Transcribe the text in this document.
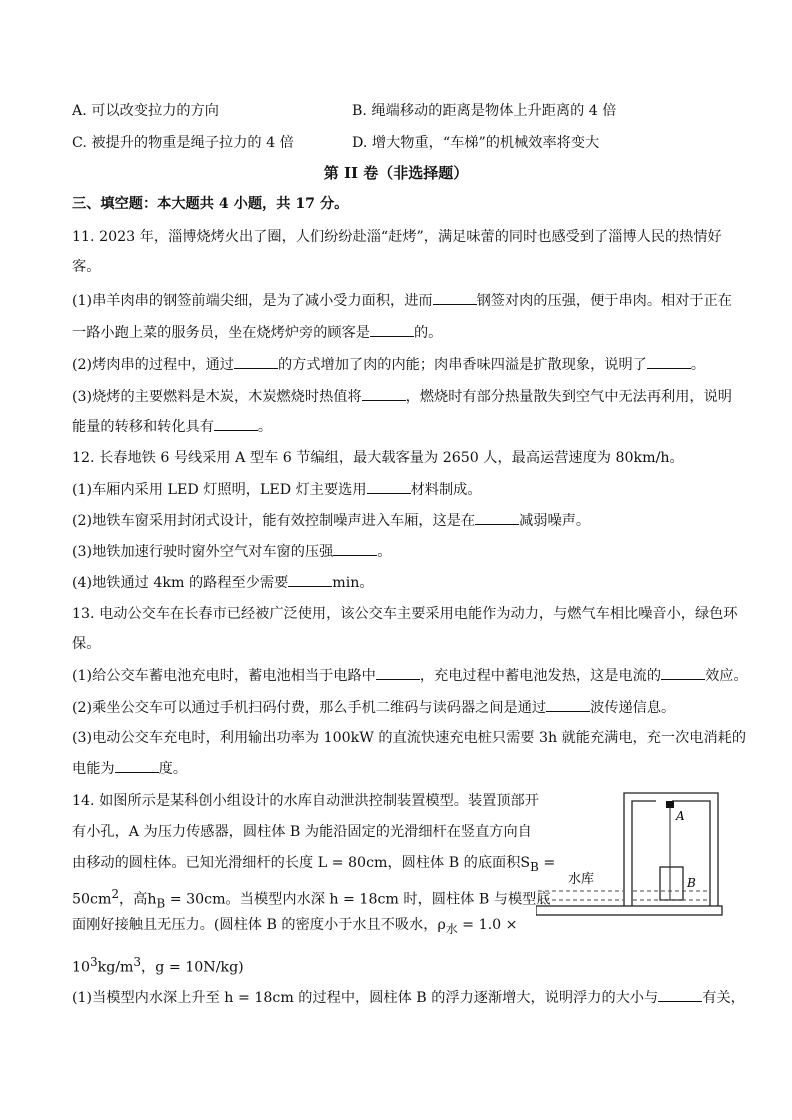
A. 可以改变拉力的方向	B. 绳端移动的距离是物体上升距离的 4 倍
C. 被提升的物重是绳子拉力的 4 倍	D. 增大物重，“车梯”的机械效率将变大
第 II 卷（非选择题）
三、填空题：本大题共 4 小题，共 17 分。
11. 2023 年，淄博烧烤火出了圈，人们纷纷赴淄“赶烤”，满足味蕾的同时也感受到了淄博人民的热情好
客。
(1)串羊肉串的钢签前端尖细，是为了减小受力面积，进而	钢签对肉的压强，便于串肉。相对于正在
一路小跑上菜的服务员，坐在烧烤炉旁的顾客是	的。
(2)烤肉串的过程中，通过	的方式增加了肉的内能；肉串香味四溢是扩散现象，说明了	。
(3)烧烤的主要燃料是木炭，木炭燃烧时热值将	，燃烧时有部分热量散失到空气中无法再利用，说明
能量的转移和转化具有	。
12. 长春地铁 6 号线采用 A 型车 6 节编组，最大载客量为 2650 人，最高运营速度为 80km/h。
(1)车厢内采用 LED 灯照明，LED 灯主要选用	材料制成。
(2)地铁车窗采用封闭式设计，能有效控制噪声进入车厢，这是在	减弱噪声。
(3)地铁加速行驶时窗外空气对车窗的压强	。
(4)地铁通过 4km 的路程至少需要	min。
13. 电动公交车在长春市已经被广泛使用，该公交车主要采用电能作为动力，与燃气车相比噪音小，绿色环
保。
(1)给公交车蓄电池充电时，蓄电池相当于电路中	，充电过程中蓄电池发热，这是电流的	效应。
(2)乘坐公交车可以通过手机扫码付费，那么手机二维码与读码器之间是通过	波传递信息。
(3)电动公交车充电时，利用输出功率为 100kW 的直流快速充电桩只需要 3h 就能充满电，充一次电消耗的
电能为	度。
14. 如图所示是某科创小组设计的水库自动泄洪控制装置模型。装置顶部开
有小孔，A 为压力传感器，圆柱体 B 为能沿固定的光滑细杆在竖直方向自
由移动的圆柱体。已知光滑细杆的长度 L = 80cm，圆柱体 B 的底面积$S_B$ =
$50cm^2$，高$h_B = 30cm$。当模型内水深 h = 18cm 时，圆柱体 B 与模型底
面刚好接触且无压力。(圆柱体 B 的密度小于水且不吸水，$\rho_水 = 1.0$ ×
$10^3kg/m^3$，g = 10N/kg)
(1)当模型内水深上升至 h = 18cm 的过程中，圆柱体 B 的浮力逐渐增大，说明浮力的大小与	有关，
A
B
水库
